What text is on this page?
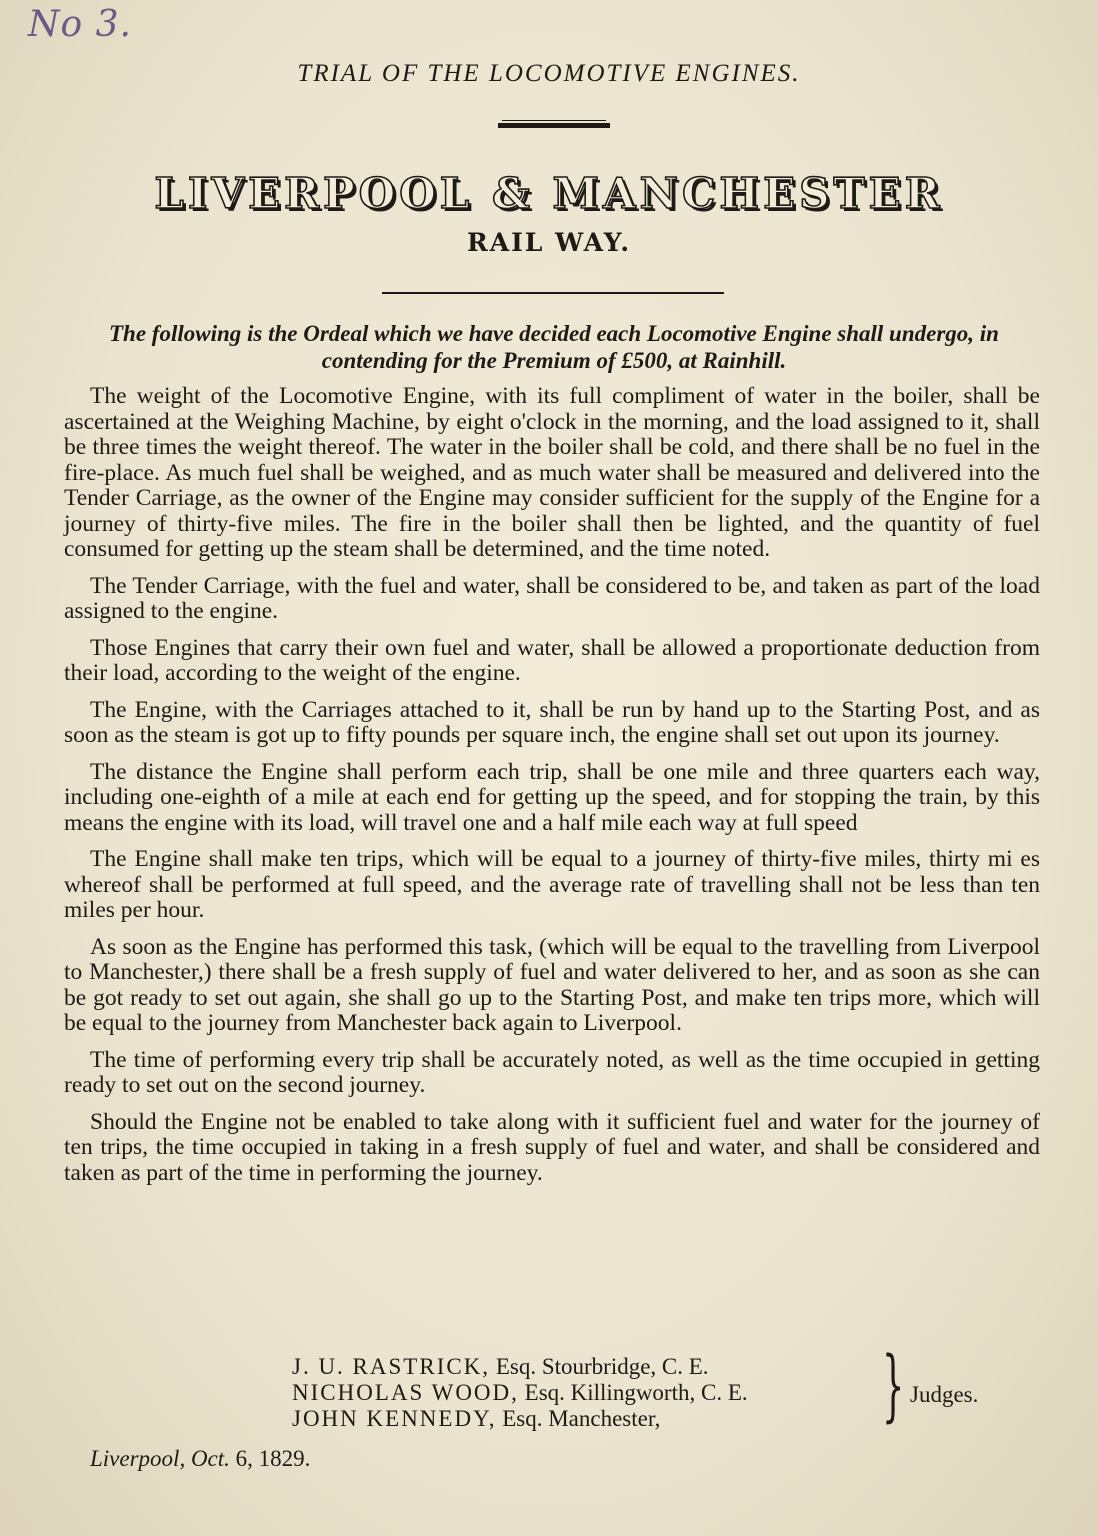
No 3.
TRIAL OF THE LOCOMOTIVE ENGINES.
LIVERPOOL & MANCHESTER
RAIL WAY.
The following is the Ordeal which we have decided each Locomotive Engine shall undergo, in contending for the Premium of £500, at Rainhill.

The weight of the Locomotive Engine, with its full compliment of water in the boiler, shall be ascertained at the Weighing Machine, by eight o'clock in the morning, and the load assigned to it, shall be three times the weight thereof. The water in the boiler shall be cold, and there shall be no fuel in the fire-place. As much fuel shall be weighed, and as much water shall be measured and delivered into the Tender Carriage, as the owner of the Engine may consider sufficient for the supply of the Engine for a journey of thirty-five miles. The fire in the boiler shall then be lighted, and the quantity of fuel consumed for getting up the steam shall be determined, and the time noted.

The Tender Carriage, with the fuel and water, shall be considered to be, and taken as part of the load assigned to the engine.

Those Engines that carry their own fuel and water, shall be allowed a proportionate deduction from their load, according to the weight of the engine.

The Engine, with the Carriages attached to it, shall be run by hand up to the Starting Post, and as soon as the steam is got up to fifty pounds per square inch, the engine shall set out upon its journey.

The distance the Engine shall perform each trip, shall be one mile and three quarters each way, including one-eighth of a mile at each end for getting up the speed, and for stopping the train, by this means the engine with its load, will travel one and a half mile each way at full speed

The Engine shall make ten trips, which will be equal to a journey of thirty-five miles, thirty mi es whereof shall be performed at full speed, and the average rate of travelling shall not be less than ten miles per hour.

As soon as the Engine has performed this task, (which will be equal to the travelling from Liverpool to Manchester,) there shall be a fresh supply of fuel and water delivered to her, and as soon as she can be got ready to set out again, she shall go up to the Starting Post, and make ten trips more, which will be equal to the journey from Manchester back again to Liverpool.

The time of performing every trip shall be accurately noted, as well as the time occupied in getting ready to set out on the second journey.

Should the Engine not be enabled to take along with it sufficient fuel and water for the journey of ten trips, the time occupied in taking in a fresh supply of fuel and water, and shall be considered and taken as part of the time in performing the journey.

J. U. RASTRICK, Esq. Stourbridge, C. E.
NICHOLAS WOOD, Esq. Killingworth, C. E.
JOHN KENNEDY, Esq. Manchester,	} Judges.
Liverpool, Oct. 6, 1829.
